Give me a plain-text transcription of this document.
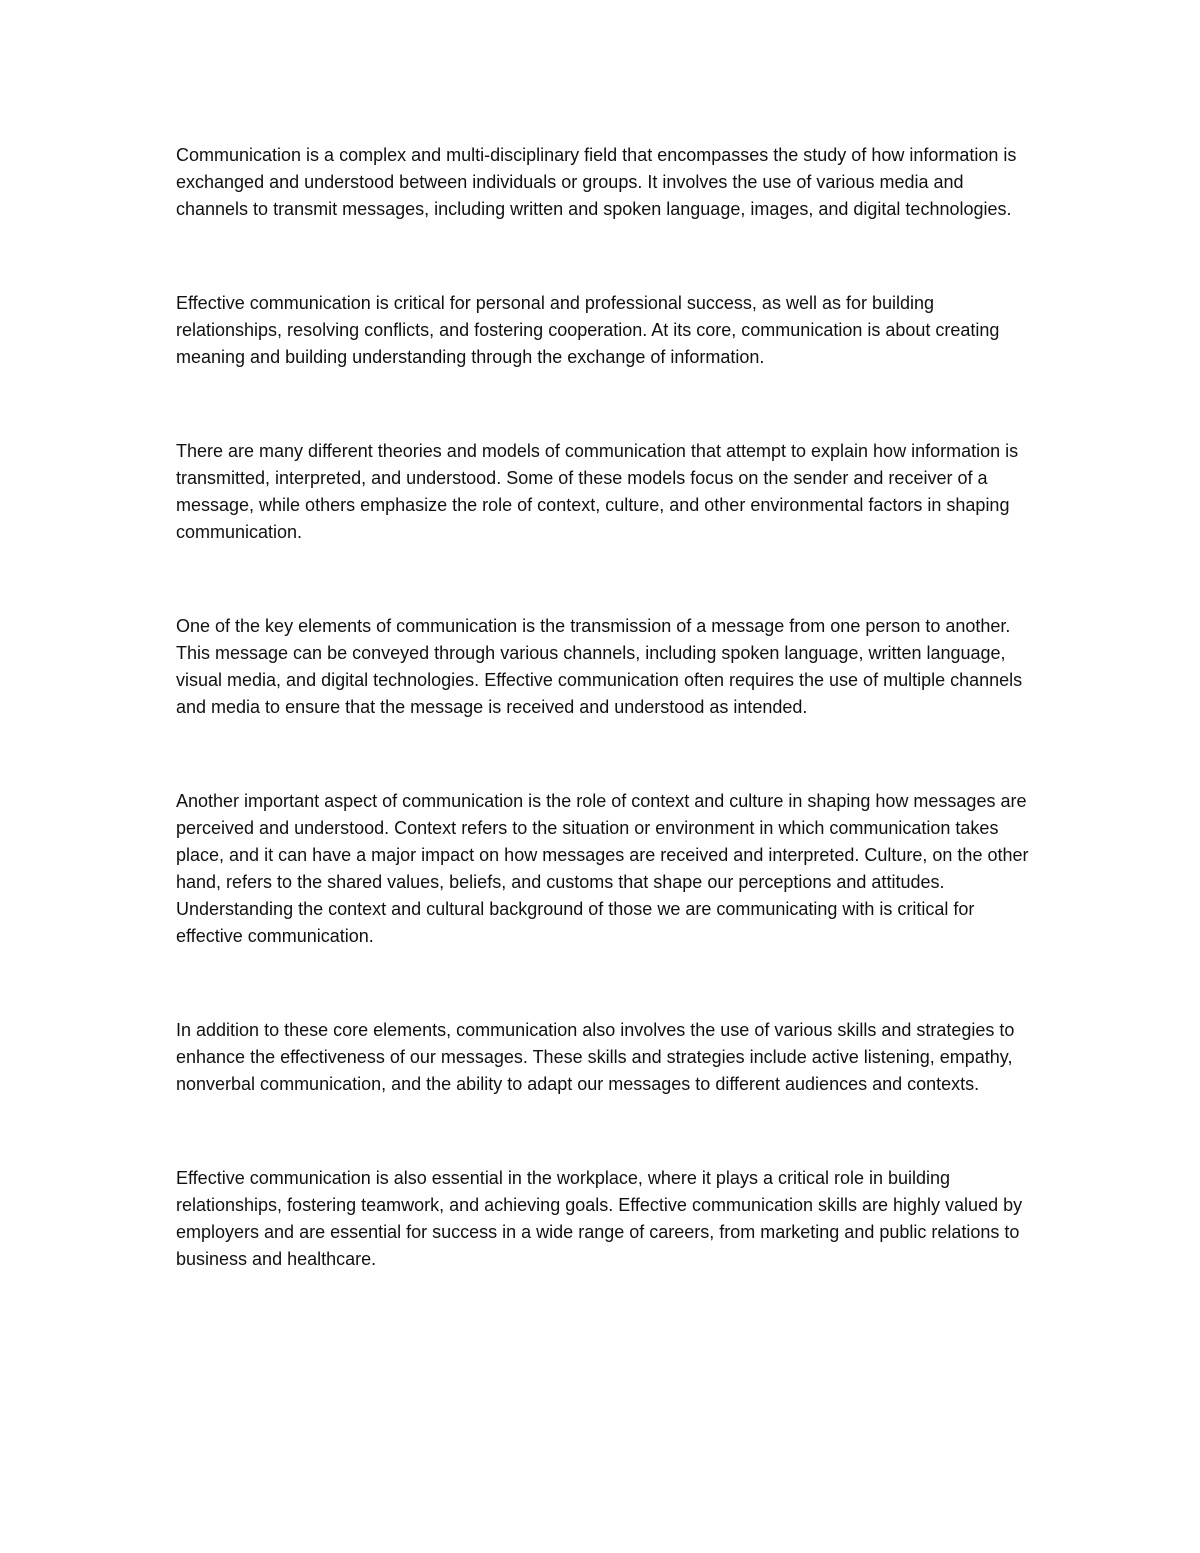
Communication is a complex and multi-disciplinary field that encompasses the study of how information is exchanged and understood between individuals or groups. It involves the use of various media and channels to transmit messages, including written and spoken language, images, and digital technologies.

Effective communication is critical for personal and professional success, as well as for building relationships, resolving conflicts, and fostering cooperation. At its core, communication is about creating meaning and building understanding through the exchange of information.

There are many different theories and models of communication that attempt to explain how information is transmitted, interpreted, and understood. Some of these models focus on the sender and receiver of a message, while others emphasize the role of context, culture, and other environmental factors in shaping communication.

One of the key elements of communication is the transmission of a message from one person to another. This message can be conveyed through various channels, including spoken language, written language, visual media, and digital technologies. Effective communication often requires the use of multiple channels and media to ensure that the message is received and understood as intended.

Another important aspect of communication is the role of context and culture in shaping how messages are perceived and understood. Context refers to the situation or environment in which communication takes place, and it can have a major impact on how messages are received and interpreted. Culture, on the other hand, refers to the shared values, beliefs, and customs that shape our perceptions and attitudes. Understanding the context and cultural background of those we are communicating with is critical for effective communication.

In addition to these core elements, communication also involves the use of various skills and strategies to enhance the effectiveness of our messages. These skills and strategies include active listening, empathy, nonverbal communication, and the ability to adapt our messages to different audiences and contexts.

Effective communication is also essential in the workplace, where it plays a critical role in building relationships, fostering teamwork, and achieving goals. Effective communication skills are highly valued by employers and are essential for success in a wide range of careers, from marketing and public relations to business and healthcare.
